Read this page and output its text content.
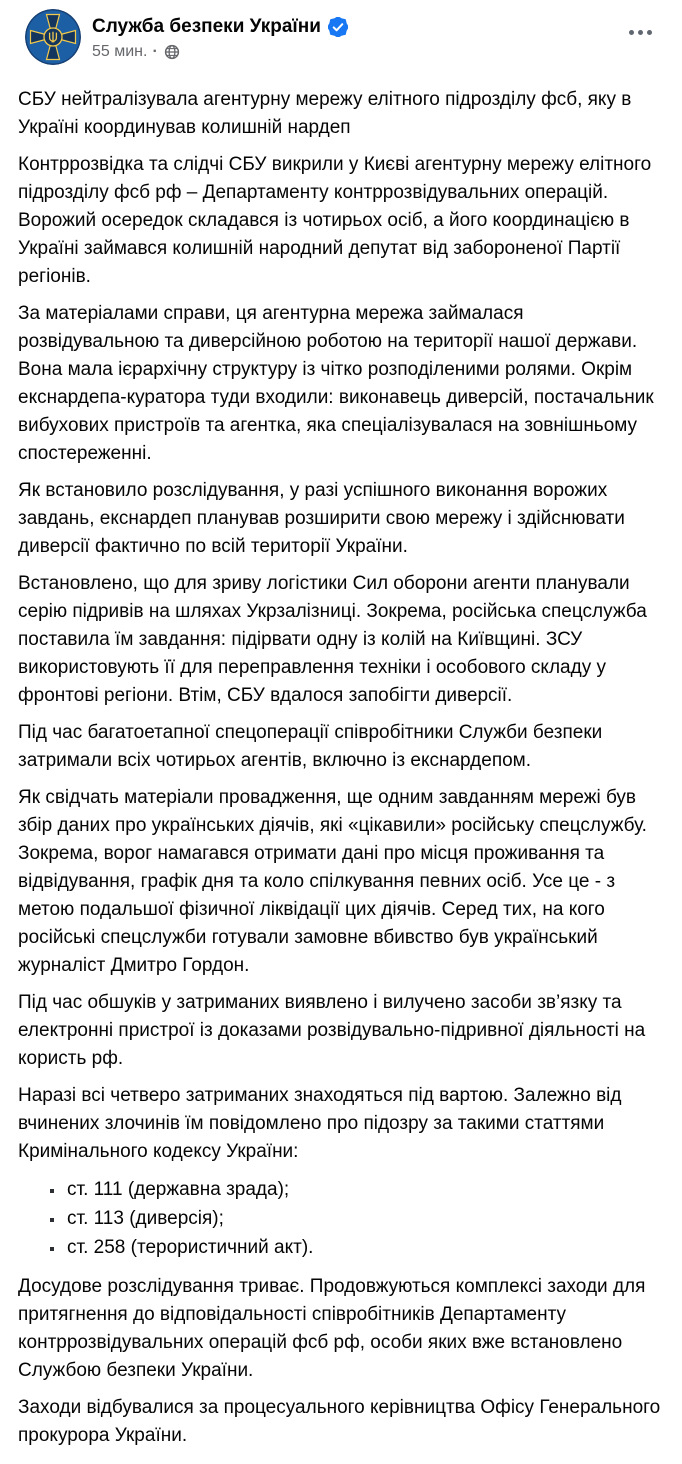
Служба безпеки України
55 мин. ·

СБУ нейтралізувала агентурну мережу елітного підрозділу фсб, яку в Україні координував колишній нардеп

Контррозвідка та слідчі СБУ викрили у Києві агентурну мережу елітного підрозділу фсб рф – Департаменту контррозвідувальних операцій. Ворожий осередок складався із чотирьох осіб, а його координацією в Україні займався колишній народний депутат від забороненої Партії регіонів.

За матеріалами справи, ця агентурна мережа займалася розвідувальною та диверсійною роботою на території нашої держави. Вона мала ієрархічну структуру із чітко розподіленими ролями. Окрім екснардепа-куратора туди входили: виконавець диверсій, постачальник вибухових пристроїв та агентка, яка спеціалізувалася на зовнішньому спостереженні.

Як встановило розслідування, у разі успішного виконання ворожих завдань, екснардеп планував розширити свою мережу і здійснювати диверсії фактично по всій території України.

Встановлено, що для зриву логістики Сил оборони агенти планували серію підривів на шляхах Укрзалізниці. Зокрема, російська спецслужба поставила їм завдання: підірвати одну із колій на Київщині. ЗСУ використовують її для переправлення техніки і особового складу у фронтові регіони. Втім, СБУ вдалося запобігти диверсії.

Під час багатоетапної спецоперації співробітники Служби безпеки затримали всіх чотирьох агентів, включно із екснардепом.

Як свідчать матеріали провадження, ще одним завданням мережі був збір даних про українських діячів, які «цікавили» російську спецслужбу. Зокрема, ворог намагався отримати дані про місця проживання та відвідування, графік дня та коло спілкування певних осіб. Усе це - з метою подальшої фізичної ліквідації цих діячів. Серед тих, на кого російські спецслужби готували замовне вбивство був український журналіст Дмитро Гордон.

Під час обшуків у затриманих виявлено і вилучено засоби зв’язку та електронні пристрої із доказами розвідувально-підривної діяльності на користь рф.

Наразі всі четверо затриманих знаходяться під вартою. Залежно від вчинених злочинів їм повідомлено про підозру за такими статтями Кримінального кодексу України:

▪ ст. 111 (державна зрада);
▪ ст. 113 (диверсія);
▪ ст. 258 (терористичний акт).

Досудове розслідування триває. Продовжуються комплексі заходи для притягнення до відповідальності співробітників Департаменту контррозвідувальних операцій фсб рф, особи яких вже встановлено Службою безпеки України.

Заходи відбувалися за процесуального керівництва Офісу Генерального прокурора України.
